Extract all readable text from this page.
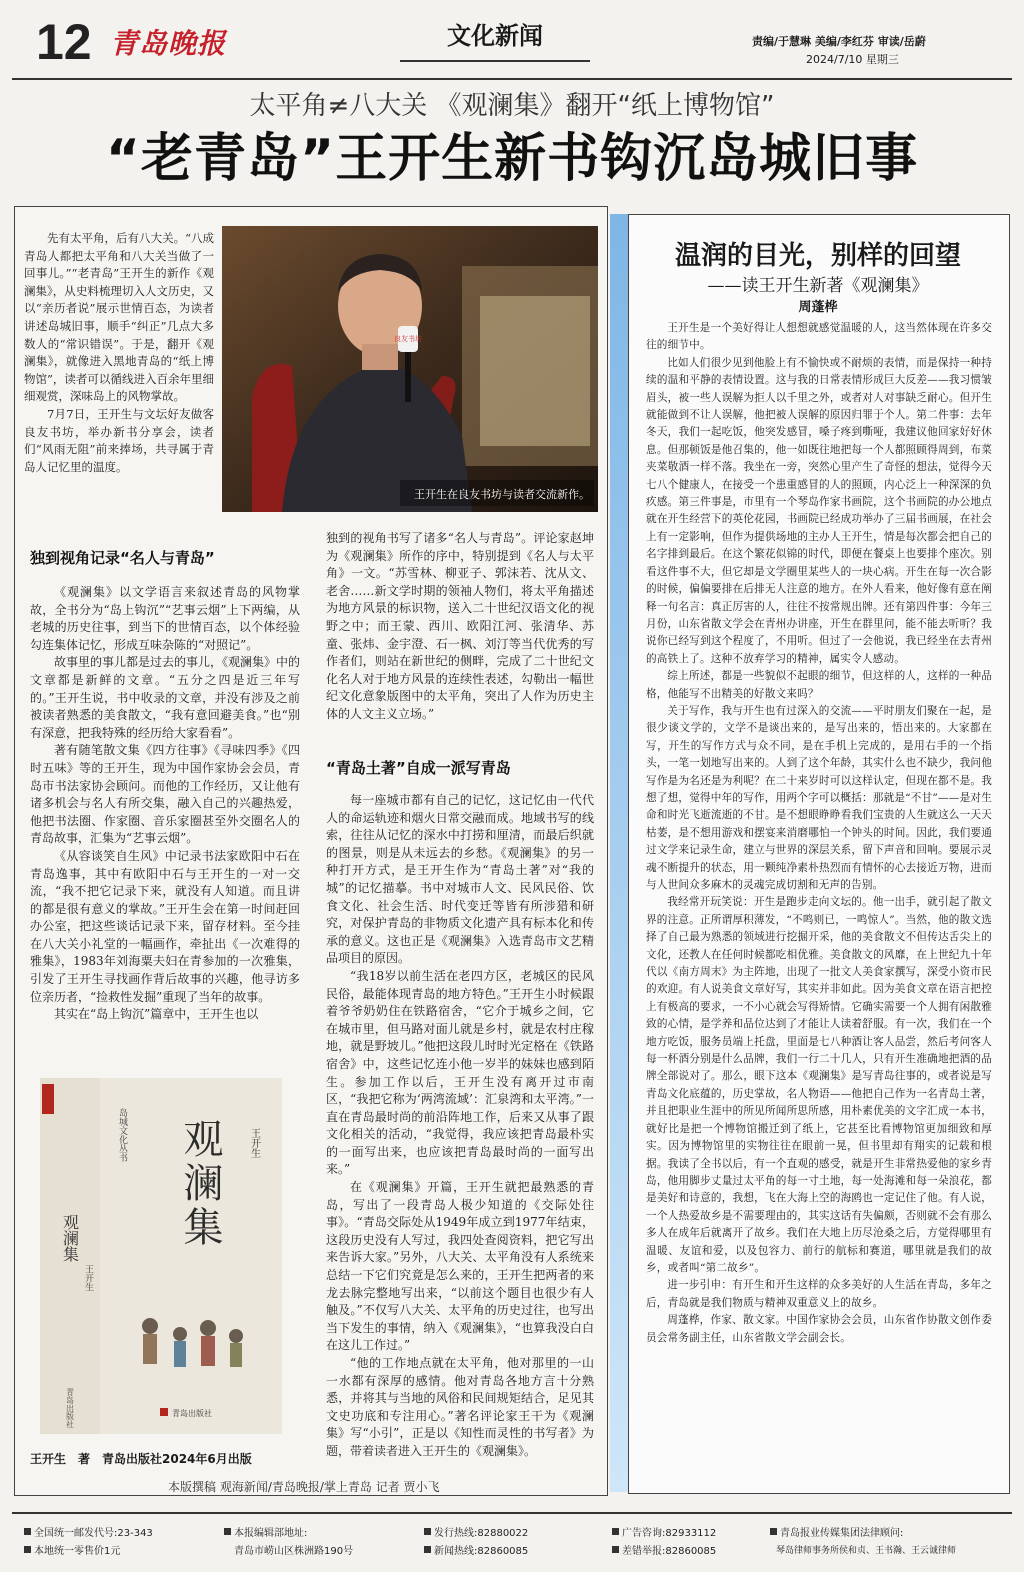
12 青岛晚报	文化新闻	责编/于慧琳 美编/李红芬 审读/岳蔚
2024/7/10 星期三
太平角≠八大关 《观澜集》翻开“纸上博物馆”
“老青岛”王开生新书钩沉岛城旧事

先有太平角，后有八大关。“八成青岛人都把太平角和八大关当做了一回事儿。”“老青岛”王开生的新作《观澜集》，从史料梳理切入人文历史，又以“亲历者说”展示世情百态，为读者讲述岛城旧事，顺手“纠正”几点大多数人的“常识错误”。于是，翻开《观澜集》，就像进入黑地青岛的“纸上博物馆”，读者可以循线进入百余年里细细观赏，深味岛上的风物掌故。

7月7日，王开生与文坛好友做客良友书坊，举办新书分享会，读者们“风雨无阻”前来捧场，共寻属于青岛人记忆里的温度。

良友书坊
王开生在良友书坊与读者交流新作。
独到视角记录“名人与青岛”

《观澜集》以文学语言来叙述青岛的风物掌故，全书分为“岛上钩沉”“艺事云烟”上下两编，从老城的历史往事，到当下的世情百态，以个体经验勾连集体记忆，形成互味杂陈的“对照记”。

故事里的事儿都是过去的事儿，《观澜集》中的文章都是新鲜的文章。“五分之四是近三年写的。”王开生说，书中收录的文章，并没有涉及之前被读者熟悉的美食散文，“我有意回避美食。”也“别有深意，把我特殊的经历给大家看看”。

著有随笔散文集《四方往事》《寻味四季》《四时五味》等的王开生，现为中国作家协会会员，青岛市书法家协会顾问。而他的工作经历，又让他有诸多机会与名人有所交集，融入自己的兴趣热爱，他把书法圈、作家圈、音乐家圈甚至外交圈名人的青岛故事，汇集为“艺事云烟”。

《从容谈笑自生风》中记录书法家欧阳中石在青岛逸事，其中有欧阳中石与王开生的一对一交流，“我不把它记录下来，就没有人知道。而且讲的都是很有意义的掌故。”王开生会在第一时间赶回办公室，把这些谈话记录下来，留存材料。至今挂在八大关小礼堂的一幅画作，牵扯出《一次难得的雅集》，1983年刘海粟夫妇在青参加的一次雅集，引发了王开生寻找画作背后故事的兴趣，他寻访多位亲历者，“捡救性发掘”重现了当年的故事。

其实在“岛上钩沉”篇章中，王开生也以

独到的视角书写了诸多“名人与青岛”。评论家赵坤为《观澜集》所作的序中，特别提到《名人与太平角》一文。“苏雪林、柳亚子、郭沫若、沈从文、老舍……新文学时期的领袖人物们，将太平角描述为地方风景的标识物，送入二十世纪汉语文化的视野之中；而王蒙、西川、欧阳江河、张清华、苏童、张炜、金宇澄、石一枫、刘汀等当代优秀的写作者们，则站在新世纪的侧畔，完成了二十世纪文化名人对于地方风景的连续性表述，勾勒出一幅世纪文化意象版图中的太平角，突出了人作为历史主体的人文主义立场。”

“青岛土著”自成一派写青岛

每一座城市都有自己的记忆，这记忆由一代代人的命运轨迹和烟火日常交融而成。地域书写的线索，往往从记忆的深水中打捞和厘清，而最后织就的图景，则是从未远去的乡愁。《观澜集》的另一种打开方式，是王开生作为“青岛土著”对“我的城”的记忆描摹。书中对城市人文、民风民俗、饮食文化、社会生活、时代变迁等皆有所涉猎和研究，对保护青岛的非物质文化遗产具有标本化和传承的意义。这也正是《观澜集》入选青岛市文艺精品项目的原因。

“我18岁以前生活在老四方区，老城区的民风民俗，最能体现青岛的地方特色。”王开生小时候跟着爷爷奶奶住在铁路宿舍，“它介于城乡之间，它在城市里，但马路对面儿就是乡村，就是农村庄稼地，就是野坡儿。”他把这段儿时时光定格在《铁路宿舍》中，这些记忆连小他一岁半的妹妹也感到陌生。参加工作以后，王开生没有离开过市南区，“我把它称为‘两湾流域’：汇泉湾和太平湾。”一直在青岛最时尚的前沿阵地工作，后来又从事了跟文化相关的活动，“我觉得，我应该把青岛最朴实的一面写出来，也应该把青岛最时尚的一面写出来。”

在《观澜集》开篇，王开生就把最熟悉的青岛，写出了一段青岛人极少知道的《交际处往事》。“青岛交际处从1949年成立到1977年结束，这段历史没有人写过，我四处查阅资料，把它写出来告诉大家。”另外，八大关、太平角没有人系统来总结一下它们究竟是怎么来的，王开生把两者的来龙去脉完整地写出来，“以前这个题目也很少有人触及。”不仅写八大关、太平角的历史过往，也写出当下发生的事情，纳入《观澜集》，“也算我没白白在这儿工作过。”

“他的工作地点就在太平角，他对那里的一山一水都有深厚的感情。他对青岛各地方言十分熟悉，并将其与当地的风俗和民间规矩结合，足见其文史功底和专注用心。”著名评论家王干为《观澜集》写“小引”，正是以《知性而灵性的书写者》为题，带着读者进入王开生的《观澜集》。

观澜集
王开生
青岛出版社
岛城文化丛书 观澜集	王开生
青岛出版社
王开生　著　青岛出版社2024年6月出版
本版撰稿 观海新闻/青岛晚报/掌上青岛 记者 贾小飞
温润的目光，别样的回望
——读王开生新著《观澜集》
周蓬桦

王开生是一个美好得让人想想就感觉温暖的人，这当然体现在许多交往的细节中。

比如人们很少见到他脸上有不愉快或不耐烦的表情，而是保持一种持续的温和平静的表情设置。这与我的日常表情形成巨大反差——我习惯皱眉头，被一些人误解为拒人以千里之外，或者对人对事缺乏耐心。但开生就能做到不让人误解，他把被人误解的原因归罪于个人。第二件事：去年冬天，我们一起吃饭，他突发感冒，嗓子疼到嘶哑，我建议他回家好好休息。但那顿饭是他召集的，他一如既往地把每一个人都照顾得周到，布菜夹菜敬酒一样不落。我坐在一旁，突然心里产生了奇怪的想法，觉得今天七八个健康人，在接受一个患重感冒的人的照顾，内心泛上一种深深的负疚感。第三件事是，市里有一个琴岛作家书画院，这个书画院的办公地点就在开生经营下的英伦花园，书画院已经成功举办了三届书画展，在社会上有一定影响，但作为提供场地的主办人王开生，情是每次都会把自己的名字排到最后。在这个繁花似锦的时代，即便在餐桌上也要排个座次。别看这件事不大，但它却是文学圈里某些人的一块心病。开生在每一次合影的时候，偏偏要排在后排无人注意的地方。在外人看来，他好像有意在阐释一句名言：真正厉害的人，往往不按常规出牌。还有第四件事：今年三月份，山东省散文学会在青州办讲座，开生在群里问，能不能去听听？我说你已经写到这个程度了，不用听。但过了一会他说，我已经坐在去青州的高铁上了。这种不放弃学习的精神，属实令人感动。

综上所述，都是一些貌似不起眼的细节，但这样的人，这样的一种品格，他能写不出精美的好散文来吗？

关于写作，我与开生也有过深入的交流——平时朋友们聚在一起，是很少谈文学的，文学不是谈出来的，是写出来的，悟出来的。大家都在写，开生的写作方式与众不同，是在手机上完成的，是用右手的一个指头，一笔一划地写出来的。人到了这个年龄，其实什么也不缺少，我问他写作是为名还是为利呢？在二十来岁时可以这样认定，但现在都不是。我想了想，觉得中年的写作，用两个字可以概括：那就是“不甘”——是对生命和时光飞逝流逝的不甘。是不想眼睁睁看我们宝贵的人生就这么一天天枯萎，是不想用游戏和摆宴来消磨哪怕一个钟头的时间。因此，我们要通过文学来记录生命，建立与世界的深层关系，留下声音和回响。要展示灵魂不断提升的状态，用一颗纯净素朴热烈而有情怀的心去接近万物，进而与人世间众多麻木的灵魂完成切割和无声的告别。

我经常开玩笑说：开生是跑步走向文坛的。他一出手，就引起了散文界的注意。正所谓厚积薄发，“不鸣则已，一鸣惊人”。当然，他的散文选择了自己最为熟悉的领域进行挖掘开采，他的美食散文不但传达舌尖上的文化，还教人在任何时候都吃相优雅。美食散文的风靡，在上世纪九十年代以《南方周末》为主阵地，出现了一批文人美食家撰写，深受小资市民的欢迎。有人说美食文章好写，其实并非如此。因为美食文章在语言把控上有极高的要求，一不小心就会写得矫情。它确实需要一个人拥有闲散雅致的心情，是学养和品位达到了才能让人读着舒服。有一次，我们在一个地方吃饭，服务员端上托盘，里面是七八种酒让客人品尝，然后考问客人每一杯酒分别是什么品牌，我们一行二十几人，只有开生准确地把酒的品牌全部说对了。那么，眼下这本《观澜集》是写青岛往事的，或者说是写青岛文化底蕴的，历史掌故，名人物语——他把自己作为一名青岛土著，并且把职业生涯中的所见所闻所思所感，用朴素优美的文字汇成一本书，就好比是把一个博物馆搬迁到了纸上，它甚至比看博物馆更加细致和厚实。因为博物馆里的实物往往在眼前一晃，但书里却有翔实的记载和根据。我读了全书以后，有一个直观的感受，就是开生非常热爱他的家乡青岛，他用脚步丈量过太平角的每一寸土地，每一处海滩和每一朵浪花，都是美好和诗意的，我想，飞在大海上空的海鸥也一定记住了他。有人说，一个人热爱故乡是不需要理由的，其实这话有失偏颇，否则就不会有那么多人在成年后就离开了故乡。我们在大地上历尽沧桑之后，方觉得哪里有温暖、友谊和爱，以及包容力、前行的航标和赛道，哪里就是我们的故乡，或者叫“第二故乡”。

进一步引申：有开生和开生这样的众多美好的人生活在青岛，多年之后，青岛就是我们物质与精神双重意义上的故乡。

周蓬桦，作家、散文家。中国作家协会会员，山东省作协散文创作委员会常务副主任，山东省散文学会副会长。

全国统一邮发代号:23-343
本地统一零售价1元
本报编辑部地址:
青岛市崂山区株洲路190号
发行热线:82880022
新闻热线:82860085
广告咨询:82933112
差错举报:82860085
青岛报业传媒集团法律顾问:
琴岛律师事务所侯和贞、王书瀚、王云诚律师
